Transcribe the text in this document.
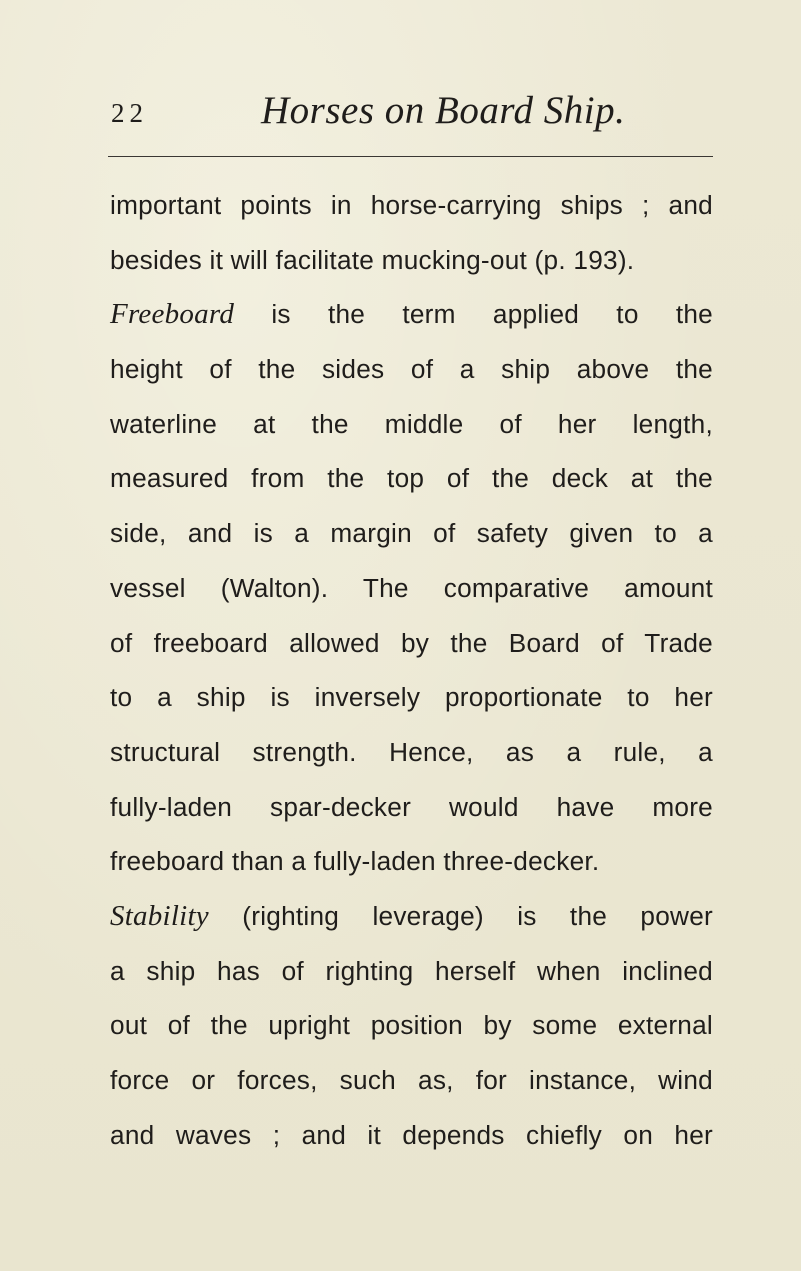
22	Horses on Board Ship.
important points in horse-carrying ships ; and
besides it will facilitate mucking-out (p. 193).
Freeboard is the term applied to the
height of the sides of a ship above the
waterline at the middle of her length,
measured from the top of the deck at the
side, and is a margin of safety given to a
vessel (Walton). The comparative amount
of freeboard allowed by the Board of Trade
to a ship is inversely proportionate to her
structural strength. Hence, as a rule, a
fully-laden spar-decker would have more
freeboard than a fully-laden three-decker.
Stability (righting leverage) is the power
a ship has of righting herself when inclined
out of the upright position by some external
force or forces, such as, for instance, wind
and waves ; and it depends chiefly on her
